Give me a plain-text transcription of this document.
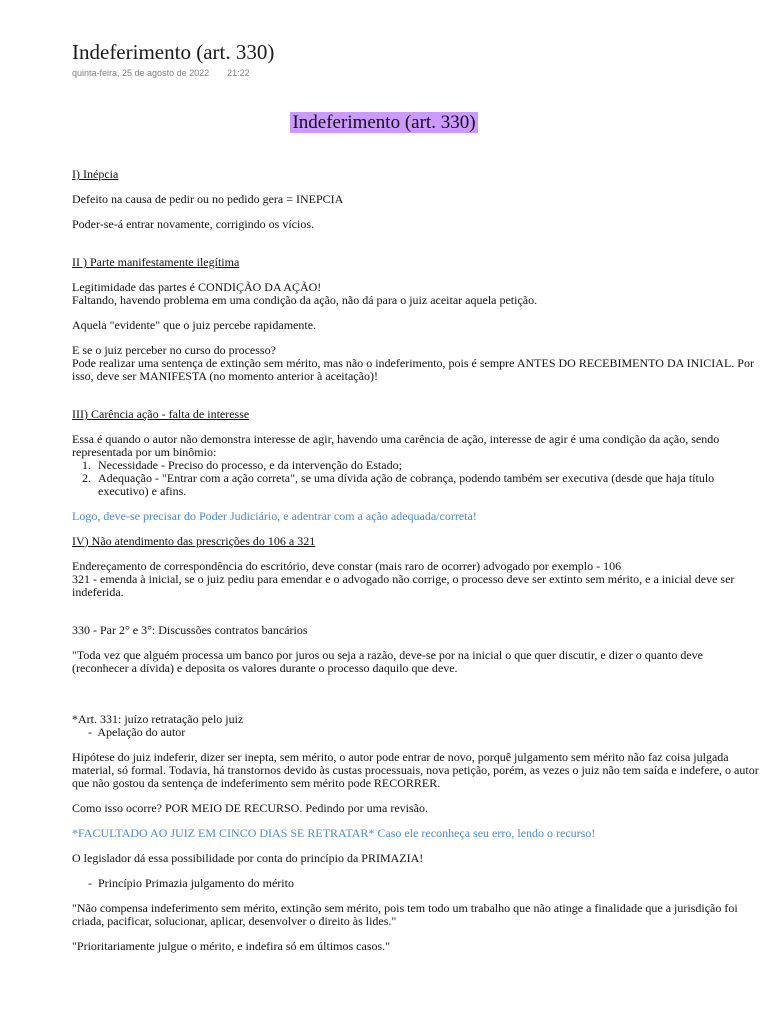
Indeferimento (art. 330)
quinta-feira, 25 de agosto de 2022 21:22
Indeferimento (art. 330)

I) Inépcia

Defeito na causa de pedir ou no pedido gera = INEPCIA

Poder-se-á entrar novamente, corrigindo os vícios.

II ) Parte manifestamente ilegítima

Legitimidade das partes é CONDIÇÃO DA AÇÃO!

Faltando, havendo problema em uma condição da ação, não dá para o juiz aceitar aquela petição.

Aquela "evidente" que o juiz percebe rapidamente.

E se o juiz perceber no curso do processo?

Pode realizar uma sentença de extinção sem mérito, mas não o indeferimento, pois é sempre ANTES DO RECEBIMENTO DA INICIAL. Por isso, deve ser MANIFESTA (no momento anterior à aceitação)!

III) Carência ação - falta de interesse

Essa é quando o autor não demonstra interesse de agir, havendo uma carência de ação, interesse de agir é uma condição da ação, sendo representada por um binômio:

1. Necessidade - Preciso do processo, e da intervenção do Estado;
2. Adequação - "Entrar com a ação correta", se uma dívida ação de cobrança, podendo também ser executiva (desde que haja título executivo) e afins.

Logo, deve-se precisar do Poder Judiciário, e adentrar com a ação adequada/correta!

IV) Não atendimento das prescrições do 106 a 321

Endereçamento de correspondência do escritório, deve constar (mais raro de ocorrer) advogado por exemplo - 106

321 - emenda à inicial, se o juiz pediu para emendar e o advogado não corrige, o processo deve ser extinto sem mérito, e a inicial deve ser indeferida.

330 - Par 2° e 3°: Discussões contratos bancários

"Toda vez que alguém processa um banco por juros ou seja a razão, deve-se por na inicial o que quer discutir, e dizer o quanto deve (reconhecer a dívida) e deposita os valores durante o processo daquilo que deve.

*Art. 331: juízo retratação pelo juiz

- Apelação do autor

Hipótese do juiz indeferir, dizer ser inepta, sem mérito, o autor pode entrar de novo, porquê julgamento sem mérito não faz coisa julgada material, só formal. Todavia, há transtornos devido às custas processuais, nova petição, porém, as vezes o juiz não tem saída e indefere, o autor que não gostou da sentença de indeferimento sem mérito pode RECORRER.

Como isso ocorre? POR MEIO DE RECURSO. Pedindo por uma revisão.

*FACULTADO AO JUIZ EM CINCO DIAS SE RETRATAR* Caso ele reconheça seu erro, lendo o recurso!

O legislador dá essa possibilidade por conta do princípio da PRIMAZIA!

- Princípio Primazia julgamento do mérito

"Não compensa indeferimento sem mérito, extinção sem mérito, pois tem todo um trabalho que não atinge a finalidade que a jurisdição foi criada, pacificar, solucionar, aplicar, desenvolver o direito às lides."

"Prioritariamente julgue o mérito, e indefira só em últimos casos."
